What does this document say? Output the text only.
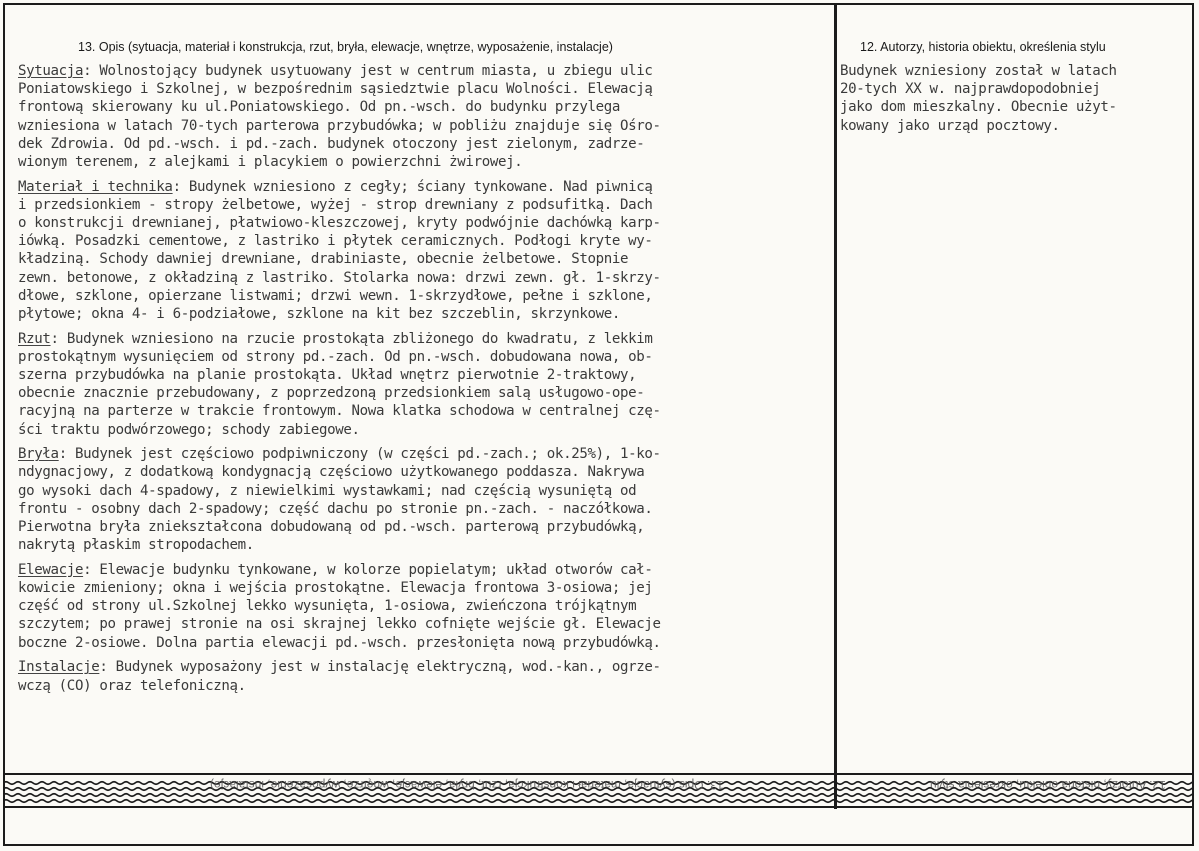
13. Opis (sytuacja, materiał i konstrukcja, rzut, bryła, elewacje, wnętrze, wyposażenie, instalacje)	12. Autorzy, historia obiektu, określenia stylu
Sytuacja: Wolnostojący budynek usytuowany jest w centrum miasta, u zbiegu ulic
Poniatowskiego i Szkolnej, w bezpośrednim sąsiedztwie placu Wolności. Elewacją
frontową skierowany ku ul.Poniatowskiego. Od pn.-wsch. do budynku przylega
wzniesiona w latach 70-tych parterowa przybudówka; w pobliżu znajduje się Ośro-
dek Zdrowia. Od pd.-wsch. i pd.-zach. budynek otoczony jest zielonym, zadrze-
wionym terenem, z alejkami i placykiem o powierzchni żwirowej.
Materiał i technika: Budynek wzniesiono z cegły; ściany tynkowane. Nad piwnicą
i przedsionkiem - stropy żelbetowe, wyżej - strop drewniany z podsufitką. Dach
o konstrukcji drewnianej, płatwiowo-kleszczowej, kryty podwójnie dachówką karp-
iówką. Posadzki cementowe, z lastriko i płytek ceramicznych. Podłogi kryte wy-
kładziną. Schody dawniej drewniane, drabiniaste, obecnie żelbetowe. Stopnie
zewn. betonowe, z okładziną z lastriko. Stolarka nowa: drzwi zewn. gł. 1-skrzy-
dłowe, szklone, opierzane listwami; drzwi wewn. 1-skrzydłowe, pełne i szklone,
płytowe; okna 4- i 6-podziałowe, szklone na kit bez szczeblin, skrzynkowe.
Rzut: Budynek wzniesiono na rzucie prostokąta zbliżonego do kwadratu, z lekkim
prostokątnym wysunięciem od strony pd.-zach. Od pn.-wsch. dobudowana nowa, ob-
szerna przybudówka na planie prostokąta. Układ wnętrz pierwotnie 2-traktowy,
obecnie znacznie przebudowany, z poprzedzoną przedsionkiem salą usługowo-ope-
racyjną na parterze w trakcie frontowym. Nowa klatka schodowa w centralnej czę-
ści traktu podwórzowego; schody zabiegowe.
Bryła: Budynek jest częściowo podpiwniczony (w części pd.-zach.; ok.25%), 1-ko-
ndygnacjowy, z dodatkową kondygnacją częściowo użytkowanego poddasza. Nakrywa
go wysoki dach 4-spadowy, z niewielkimi wystawkami; nad częścią wysuniętą od
frontu - osobny dach 2-spadowy; część dachu po stronie pn.-zach. - naczółkowa.
Pierwotna bryła zniekształcona dobudowaną od pd.-wsch. parterową przybudówką,
nakrytą płaskim stropodachem.
Elewacje: Elewacje budynku tynkowane, w kolorze popielatym; układ otworów cał-
kowicie zmieniony; okna i wejścia prostokątne. Elewacja frontowa 3-osiowa; jej
część od strony ul.Szkolnej lekko wysunięta, 1-osiowa, zwieńczona trójkątnym
szczytem; po prawej stronie na osi skrajnej lekko cofnięte wejście gł. Elewacje
boczne 2-osiowe. Dolna partia elewacji pd.-wsch. przesłonięta nową przybudówką.
Instalacje: Budynek wyposażony jest w instalację elektryczną, wod.-kan., ogrze-
wczą (CO) oraz telefoniczną.
Budynek wzniesiony został w latach
20-tych XX w. najprawdopodobniej
jako dom mieszkalny. Obecnie użyt-
kowany jako urząd pocztowy.
13. Opis (sytuacja, materiał i konstrukcja, rzut, bryła, elewacje, wnętrze, wyposażenie, instalacje)	12. Autorzy, historia obiektu, określenia stylu
